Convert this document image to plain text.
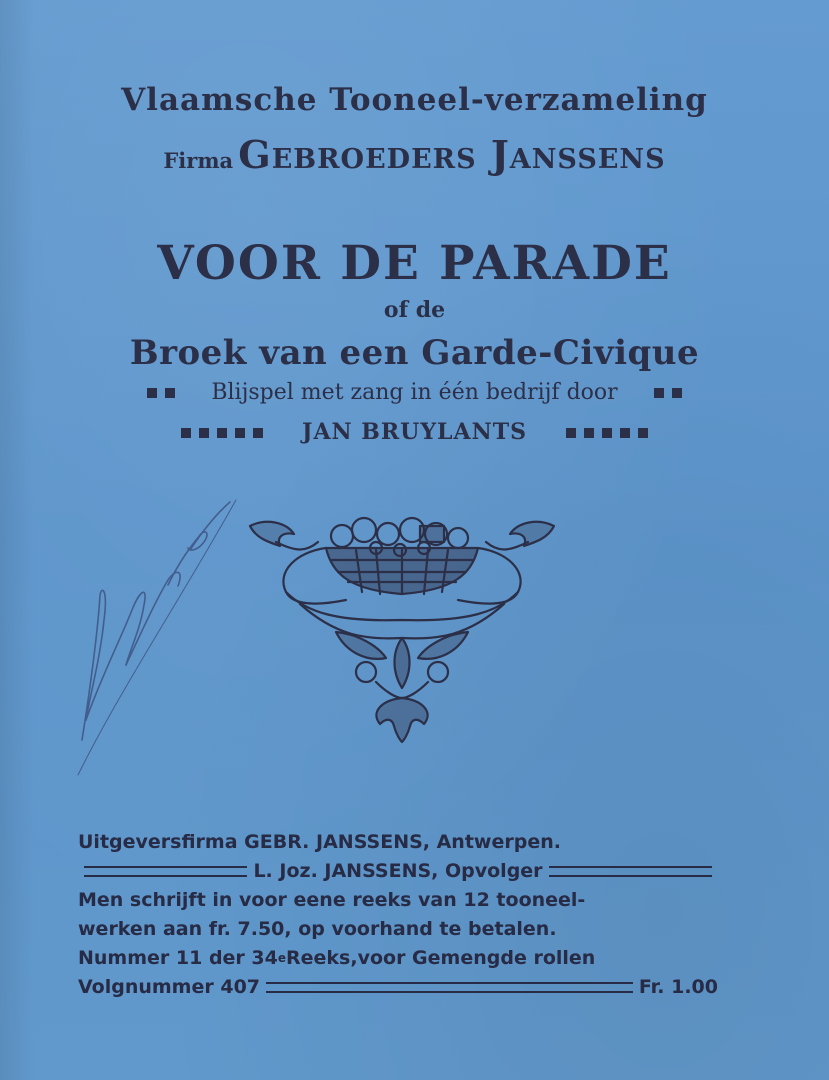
Vlaamsche Tooneel-verzameling
Firma Gebroeders Janssens
VOOR DE PARADE
of de
Broek van een Garde-Civique
Blijspel met zang in één bedrijf door
JAN BRUYLANTS
Uitgeversfirma GEBR. JANSSENS, Antwerpen.
L. Joz. JANSSENS, Opvolger
Men schrijft in voor eene reeks van 12 tooneel-
werken aan fr. 7.50, op voorhand te betalen.
Nummer 11 der 34 e Reeks,voor Gemengde rollen
Volgnummer 407	Fr. 1.00
